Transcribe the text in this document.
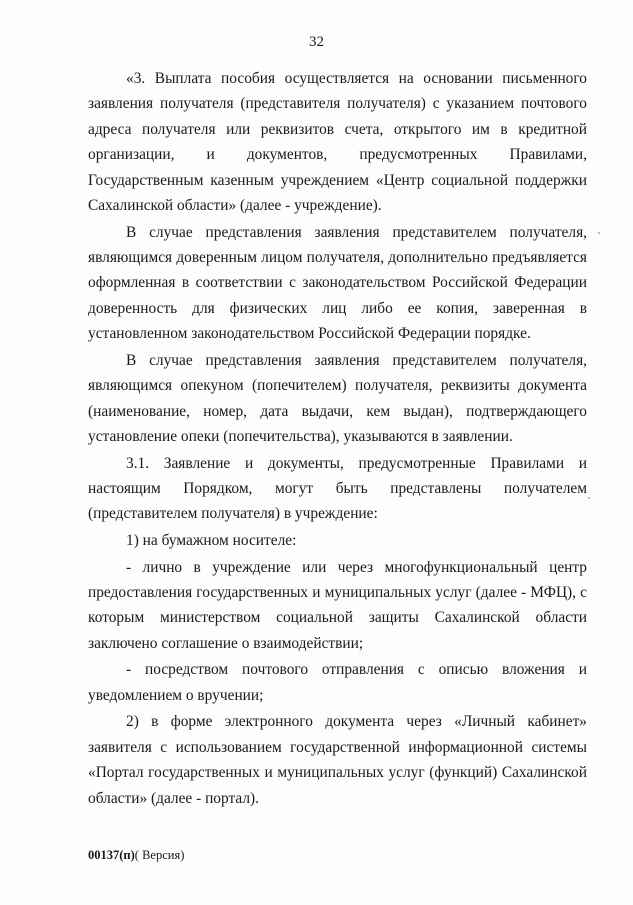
32

«3. Выплата пособия осуществляется на основании письменного заявления получателя (представителя получателя) с указанием почтового адреса получателя или реквизитов счета, открытого им в кредитной организации, и документов, предусмотренных Правилами, Государственным казенным учреждением «Центр социальной поддержки Сахалинской области» (далее - учреждение).

В случае представления заявления представителем получателя, являющимся доверенным лицом получателя, дополнительно предъявляется оформленная в соответствии с законодательством Российской Федерации доверенность для физических лиц либо ее копия, заверенная в установленном законодательством Российской Федерации порядке.

В случае представления заявления представителем получателя, являющимся опекуном (попечителем) получателя, реквизиты документа (наименование, номер, дата выдачи, кем выдан), подтверждающего установление опеки (попечительства), указываются в заявлении.

3.1. Заявление и документы, предусмотренные Правилами и настоящим Порядком, могут быть представлены получателем (представителем получателя) в учреждение:

1) на бумажном носителе:

- лично в учреждение или через многофункциональный центр предоставления государственных и муниципальных услуг (далее - МФЦ), с которым министерством социальной защиты Сахалинской области заключено соглашение о взаимодействии;

- посредством почтового отправления с описью вложения и уведомлением о вручении;

2) в форме электронного документа через «Личный кабинет» заявителя с использованием государственной информационной системы «Портал государственных и муниципальных услуг (функций) Сахалинской области» (далее - портал).

00137(п)( Версия)
